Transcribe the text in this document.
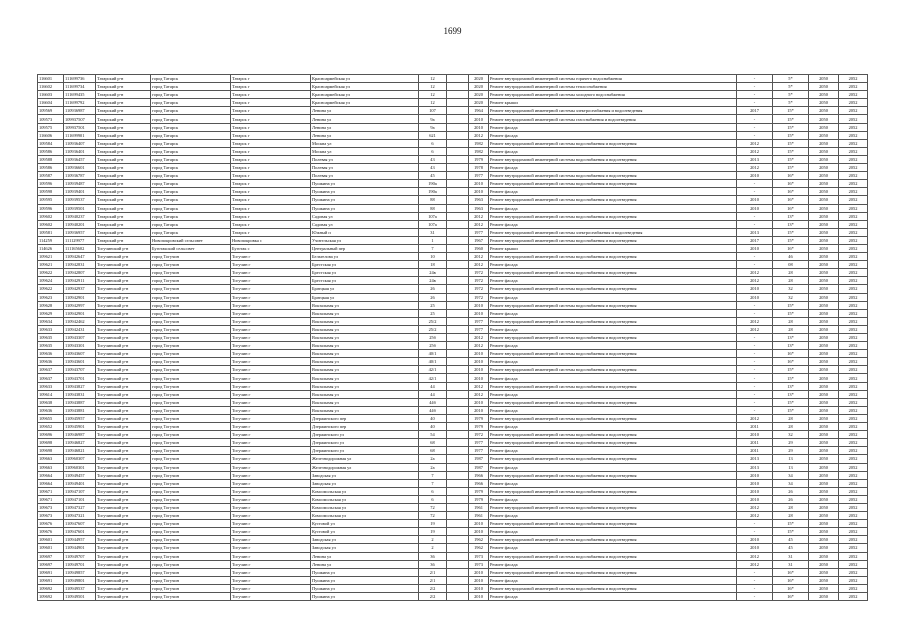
1699
116601	111699736	Татарский р-н	город Татарск	Татарск г	Красноармейская ул	12		2020	Ремонт внутридомовой инженерной системы горячего водоснабжения	-	5*	2050	2052
116602	111699734	Татарский р-н	город Татарск	Татарск г	Красноармейская ул	12		2020	Ремонт внутридомовой инженерной системы теплоснабжения	-	5*	2050	2052
116603	111699435	Татарский р-н	город Татарск	Татарск г	Красноармейская ул	12		2020	Ремонт внутридомовой инженерной системы холодного водоснабжения	-	5*	2050	2052
116604	111699792	Татарский р-н	город Татарск	Татарск г	Красноармейская ул	12		2020	Ремонт крыши	-	5*	2050	2052
109569	110936987	Татарский р-н	город Татарск	Татарск г	Ленина ул	107		1964	Ремонт внутридомовой инженерной системы электроснабжения и водоотведения	2017	15*	2050	2052
109573	109937507	Татарский р-н	город Татарск	Татарск г	Ленина ул	9а		2010	Ремонт внутридомовой инженерной системы газоснабжения и водоотведения	-	15*	2050	2052
109575	109937501	Татарский р-н	город Татарск	Татарск г	Ленина ул	9а		2010	Ремонт фасада	-	15*	2050	2052
116606	111699901	Татарский р-н	город Татарск	Татарск г	Ленина ул	621		2012	Ремонт фасада	-	15*	2050	2052
109584	110936407	Татарский р-н	город Татарск	Татарск г	Москва ул	6		1982	Ремонт внутридомовой инженерной системы водоснабжения и водоотведения	2012	15*	2050	2052
109586	110936401	Татарский р-н	город Татарск	Татарск г	Москва ул	6		1982	Ремонт фасада	2012	15*	2050	2052
109588	110936457	Татарский р-н	город Татарск	Татарск г	Полевая ул	43		1979	Ремонт внутридомовой инженерной системы водоснабжения и водоотведения	2013	15*	2050	2052
109586	110936601	Татарский р-н	город Татарск	Татарск г	Полевая ул	43		1978	Ремонт фасада	2012	15*	2050	2052
109587	110936787	Татарский р-н	город Татарск	Татарск г	Полевая ул	45		1977	Ремонт внутридомовой инженерной системы водоснабжения и водоотведения	2010	16*	2050	2052
109596	110939487	Татарский р-н	город Татарск	Татарск г	Пушкина ул	190а		2010	Ремонт внутридомовой инженерной системы водоснабжения и водоотведения	-	16*	2050	2052
109598	110939401	Татарский р-н	город Татарск	Татарск г	Пушкина ул	190а		2010	Ремонт фасада	-	16*	2050	2052
109595	110939537	Татарский р-н	город Татарск	Татарск г	Пушкина ул	88		1963	Ремонт внутридомовой инженерной системы водоснабжения и водоотведения	2010	16*	2050	2052
109596	110939501	Татарский р-н	город Татарск	Татарск г	Пушкина ул	88		1963	Ремонт фасада	2010	16*	2050	2052
109602	110940237	Татарский р-н	город Татарск	Татарск г	Садовая ул	107а		2012	Ремонт внутридомовой инженерной системы водоснабжения и водоотведения	-	13*	2050	2052
109602	110940201	Татарский р-н	город Татарск	Татарск г	Садовая ул	107а		2012	Ремонт фасада	-	13*	2050	2052
109581	110936957	Татарский р-н	город Татарск	Татарск г	Южный п	31		1977	Ремонт внутридомовой инженерной системы электроснабжения и водоотведения	2013	15*	2050	2052
114259	111129977	Татарский р-н	Новопокровский сельсовет	Новопокровка с	Учительская ул	1		1967	Ремонт внутридомовой инженерной системы водоснабжения и водоотведения	2017	15*	2050	2052
114626	111165602	Тогучинский р-н	Буготакский сельсовет	Буготак с	Центральный пер	7		1960	Ремонт крыши	2010	16*	2050	2052
109621	110942647	Тогучинский р-н	город Тогучин	Тогучин г	Бельтелова ул	10		2012	Ремонт внутридомовой инженерной системы водоснабжения и водоотведения	-	46	2050	2052
109621	110942831	Тогучинский р-н	город Тогучин	Тогучин г	Брестская ул	18		2012	Ремонт фасада	-	08	2050	2052
109622	110942807	Тогучинский р-н	город Тогучин	Тогучин г	Брестская ул	24в		1972	Ремонт внутридомовой инженерной системы водоснабжения и водоотведения	2012	28	2050	2052
109624	110942911	Тогучинский р-н	город Тогучин	Тогучин г	Брестская ул	24в		1972	Ремонт фасада	2012	28	2050	2052
109622	110942937	Тогучинский р-н	город Тогучин	Тогучин г	Братцкая ул	26		1972	Ремонт внутридомовой инженерной системы водоснабжения и водоотведения	2010	32	2050	2052
109623	110942901	Тогучинский р-н	город Тогучин	Тогучин г	Братцкая ул	26		1972	Ремонт фасада	2010	32	2050	2052
109628	110942997	Тогучинский р-н	город Тогучин	Тогучин г	Вокзальная ул	25		2010	Ремонт внутридомовой инженерной системы водоснабжения и водоотведения	-	15*	2050	2052
109629	110942901	Тогучинский р-н	город Тогучин	Тогучин г	Вокзальная ул	25		2010	Ремонт фасада	-	15*	2050	2052
109634	110942462	Тогучинский р-н	город Тогучин	Тогучин г	Вокзальная ул	25/2		1977	Ремонт внутридомовой инженерной системы водоснабжения и водоотведения	2012	28	2050	2052
109633	110942431	Тогучинский р-н	город Тогучин	Тогучин г	Вокзальная ул	25/2		1977	Ремонт фасада	2012	28	2050	2052
109635	110943307	Тогучинский р-н	город Тогучин	Тогучин г	Вокзальная ул	25б		2012	Ремонт внутридомовой инженерной системы водоснабжения и водоотведения	-	13*	2050	2052
109635	110943301	Тогучинский р-н	город Тогучин	Тогучин г	Вокзальная ул	25б		2012	Ремонт фасада	-	13*	2050	2052
109636	110943607	Тогучинский р-н	город Тогучин	Тогучин г	Вокзальная ул	40/1		2010	Ремонт внутридомовой инженерной системы водоснабжения и водоотведения	-	16*	2050	2052
109636	110943601	Тогучинский р-н	город Тогучин	Тогучин г	Вокзальная ул	40/1		2010	Ремонт фасада	-	16*	2050	2052
109637	110943707	Тогучинский р-н	город Тогучин	Тогучин г	Вокзальная ул	42/1		2010	Ремонт внутридомовой инженерной системы водоснабжения и водоотведения	-	15*	2050	2052
109637	110943701	Тогучинский р-н	город Тогучин	Тогучин г	Вокзальная ул	42/1		2010	Ремонт фасада	-	15*	2050	2052
109633	110943827	Тогучинский р-н	город Тогучин	Тогучин г	Вокзальная ул	44		2012	Ремонт внутридомовой инженерной системы водоснабжения и водоотведения	-	13*	2050	2052
109614	110943831	Тогучинский р-н	город Тогучин	Тогучин г	Вокзальная ул	44		2012	Ремонт фасада	-	13*	2050	2052
109638	110943887	Тогучинский р-н	город Тогучин	Тогучин г	Вокзальная ул	44б		2010	Ремонт внутридомовой инженерной системы водоснабжения и водоотведения	-	15*	2050	2052
109636	110943881	Тогучинский р-н	город Тогучин	Тогучин г	Вокзальная ул	44б		2010	Ремонт фасада	-	15*	2050	2052
109655	110945957	Тогучинский р-н	город Тогучин	Тогучин г	Дзержинского пер	40		1979	Ремонт внутридомовой инженерной системы водоснабжения и водоотведения	2012	28	2050	2052
109652	110945901	Тогучинский р-н	город Тогучин	Тогучин г	Дзержинского пер	40		1979	Ремонт фасада	2011	28	2050	2052
109696	110946987	Тогучинский р-н	город Тогучин	Тогучин г	Дзержинского ул	54		1972	Ремонт внутридомовой инженерной системы водоснабжения и водоотведения	2010	32	2050	2052
109698	110946827	Тогучинский р-н	город Тогучин	Тогучин г	Дзержинского ул	68		1977	Ремонт внутридомовой инженерной системы водоснабжения и водоотведения	2011	29	2050	2052
109698	110946821	Тогучинский р-н	город Тогучин	Тогучин г	Дзержинского ул	68		1977	Ремонт фасада	2011	29	2050	2052
109663	110960307	Тогучинский р-н	город Тогучин	Тогучин г	Железнодорожная ул	2а		1987	Ремонт внутридомовой инженерной системы водоснабжения и водоотведения	2013	13	2050	2052
109663	110960301	Тогучинский р-н	город Тогучин	Тогучин г	Железнодорожная ул	2а		1987	Ремонт фасада	2013	13	2050	2052
109664	110949457	Тогучинский р-н	город Тогучин	Тогучин г	Заводская ул	7		1966	Ремонт внутридомовой инженерной системы водоснабжения и водоотведения	2010	34	2050	2052
109664	110949401	Тогучинский р-н	город Тогучин	Тогучин г	Заводская ул	7		1966	Ремонт фасада	2010	34	2050	2052
109671	110947107	Тогучинский р-н	город Тогучин	Тогучин г	Комсомольская ул	6		1979	Ремонт внутридомовой инженерной системы водоснабжения и водоотведения	2010	26	2050	2052
109671	110947101	Тогучинский р-н	город Тогучин	Тогучин г	Комсомольская ул	6		1979	Ремонт фасада	2010	26	2050	2052
109673	110947327	Тогучинский р-н	город Тогучин	Тогучин г	Комсомольская ул	72		1961	Ремонт внутридомовой инженерной системы водоснабжения и водоотведения	2012	28	2050	2052
109673	110947321	Тогучинский р-н	город Тогучин	Тогучин г	Комсомольская ул	72		1961	Ремонт фасада	2012	28	2050	2052
109676	110947607	Тогучинский р-н	город Тогучин	Тогучин г	Кустовой ул	19		2010	Ремонт внутридомовой инженерной системы водоснабжения и водоотведения	-	15*	2050	2052
109676	110947601	Тогучинский р-н	город Тогучин	Тогучин г	Кустовой ул	19		2010	Ремонт фасада	-	15*	2050	2052
109601	110944957	Тогучинский р-н	город Тогучин	Тогучин г	Заводская ул	2		1962	Ремонт внутридомовой инженерной системы водоснабжения и водоотведения	2010	45	2050	2052
109601	110944901	Тогучинский р-н	город Тогучин	Тогучин г	Заводская ул	2		1962	Ремонт фасада	2010	45	2050	2052
109697	110949707	Тогучинский р-н	город Тогучин	Тогучин г	Ленина ул	36		1973	Ремонт внутридомовой инженерной системы водоснабжения и водоотведения	2012	31	2050	2052
109697	110949701	Тогучинский р-н	город Тогучин	Тогучин г	Ленина ул	36		1973	Ремонт фасада	2012	31	2050	2052
109691	110949857	Тогучинский р-н	город Тогучин	Тогучин г	Пушкина ул	2/1		2010	Ремонт внутридомовой инженерной системы водоснабжения и водоотведения	-	16*	2050	2052
109691	110949801	Тогучинский р-н	город Тогучин	Тогучин г	Пушкина ул	2/1		2010	Ремонт фасада	-	16*	2050	2052
109692	110949537	Тогучинский р-н	город Тогучин	Тогучин г	Пушкина ул	2/2		2010	Ремонт внутридомовой инженерной системы водоснабжения и водоотведения	-	16*	2050	2052
109692	110949501	Тогучинский р-н	город Тогучин	Тогучин г	Пушкина ул	2/2		2010	Ремонт фасада	-	16*	2050	2052
